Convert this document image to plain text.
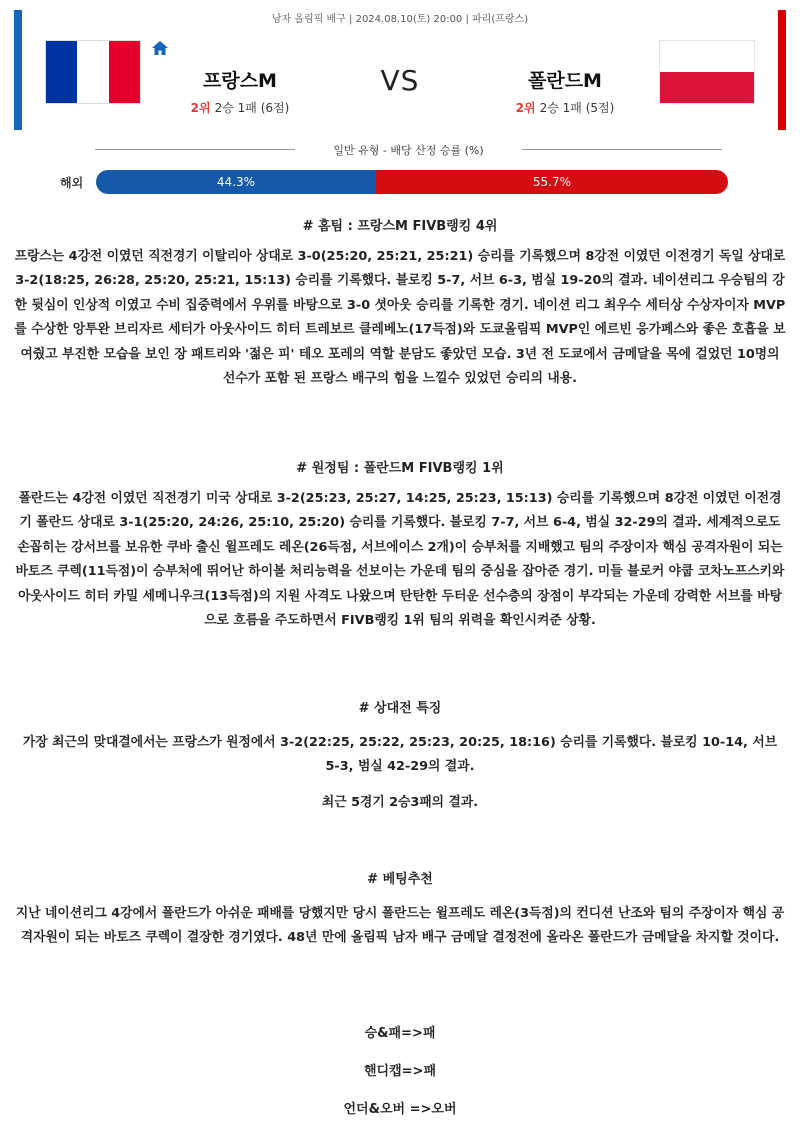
남자 올림픽 배구 | 2024.08.10(토) 20:00 | 파리(프랑스)
프랑스M	VS	폴란드M
2위 2승 1패 (6점)	2위 2승 1패 (5점)
일반 유형 - 배당 산정 승률 (%)
해외	44.3%	55.7%
# 홈팀 : 프랑스M FIVB랭킹 4위

프랑스는 4강전 이였던 직전경기 이탈리아 상대로 3-0(25:20, 25:21, 25:21) 승리를 기록했으며 8강전 이였던 이전경기 독일 상대로 3-2(18:25, 26:28, 25:20, 25:21, 15:13) 승리를 기록했다. 블로킹 5-7, 서브 6-3, 범실 19-20의 결과. 네이션리그 우승팀의 강한 뒷심이 인상적 이였고 수비 집중력에서 우위를 바탕으로 3-0 셧아웃 승리를 기록한 경기. 네이션 리그 최우수 세터상 수상자이자 MVP를 수상한 앙투완 브리자르 세터가 아웃사이드 히터 트레보르 클레베노(17득점)와 도쿄올림픽 MVP인 에르빈 응가페스와 좋은 호흡을 보여줬고 부진한 모습을 보인 장 패트리와 '젊은 피' 테오 포레의 역할 분담도 좋았던 모습. 3년 전 도쿄에서 금메달을 목에 걸었던 10명의 선수가 포함 된 프랑스 배구의 힘을 느낄수 있었던 승리의 내용.

# 원정팀 : 폴란드M FIVB랭킹 1위

폴란드는 4강전 이였던 직전경기 미국 상대로 3-2(25:23, 25:27, 14:25, 25:23, 15:13) 승리를 기록했으며 8강전 이였던 이전경기 폴란드 상대로 3-1(25:20, 24:26, 25:10, 25:20) 승리를 기록했다. 블로킹 7-7, 서브 6-4, 범실 32-29의 결과. 세계적으로도 손꼽히는 강서브를 보유한 쿠바 출신 윌프레도 레온(26득점, 서브에이스 2개)이 승부처를 지배했고 팀의 주장이자 핵심 공격자원이 되는 바토즈 쿠렉(11득점)이 승부처에 뛰어난 하이볼 처리능력을 선보이는 가운데 팀의 중심을 잡아준 경기. 미들 블로커 야쿱 코차노프스키와 아웃사이드 히터 카밀 세메니우크(13득점)의 지원 사격도 나왔으며 탄탄한 두터운 선수층의 장점이 부각되는 가운데 강력한 서브를 바탕으로 흐름을 주도하면서 FIVB랭킹 1위 팀의 위력을 확인시켜준 상황.

# 상대전 특징

가장 최근의 맞대결에서는 프랑스가 원정에서 3-2(22:25, 25:22, 25:23, 20:25, 18:16) 승리를 기록했다. 블로킹 10-14, 서브 5-3, 범실 42-29의 결과.

최근 5경기 2승3패의 결과.

# 베팅추천

지난 네이션리그 4강에서 폴란드가 아쉬운 패배를 당했지만 당시 폴란드는 윌프레도 레온(3득점)의 컨디션 난조와 팀의 주장이자 핵심 공격자원이 되는 바토즈 쿠렉이 결장한 경기였다. 48년 만에 올림픽 남자 배구 금메달 결정전에 올라온 폴란드가 금메달을 차지할 것이다.

승&패=>패
핸디캡=>패
언더&오버 =>오버
